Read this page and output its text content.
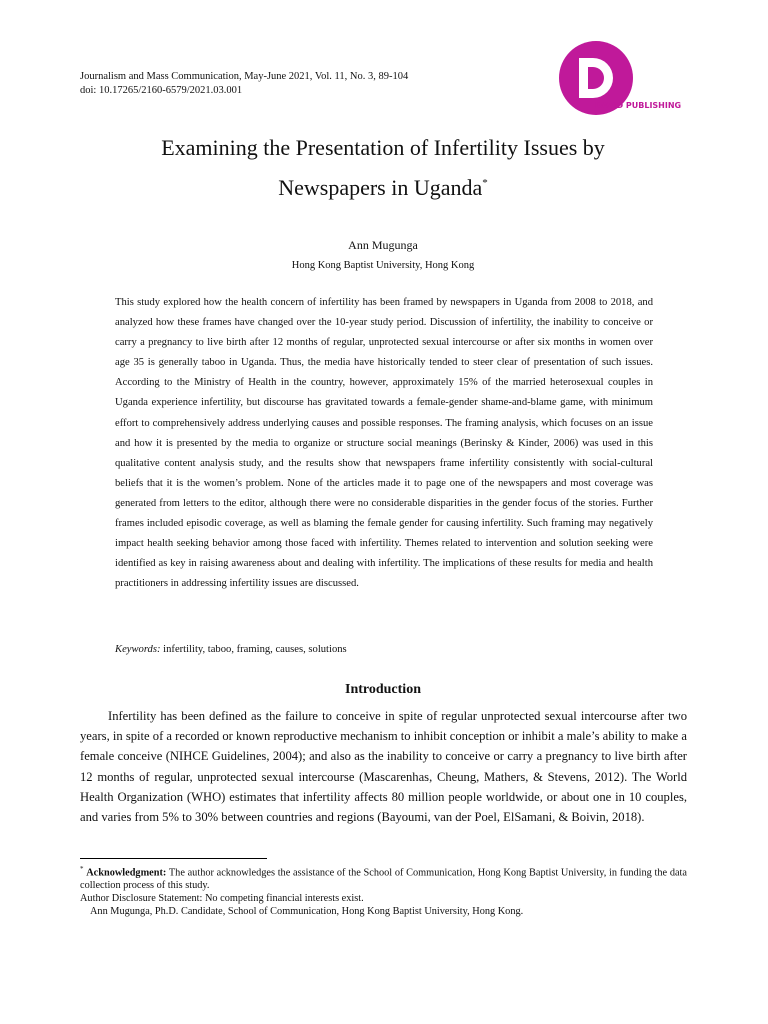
Journalism and Mass Communication, May-June 2021, Vol. 11, No. 3, 89-104
doi: 10.17265/2160-6579/2021.03.001
DAVID PUBLISHING
Examining the Presentation of Infertility Issues by
Newspapers in Uganda*
Ann Mugunga
Hong Kong Baptist University, Hong Kong

This study explored how the health concern of infertility has been framed by newspapers in Uganda from 2008 to 2018, and analyzed how these frames have changed over the 10-year study period. Discussion of infertility, the inability to conceive or carry a pregnancy to live birth after 12 months of regular, unprotected sexual intercourse or after six months in women over age 35 is generally taboo in Uganda. Thus, the media have historically tended to steer clear of presentation of such issues. According to the Ministry of Health in the country, however, approximately 15% of the married heterosexual couples in Uganda experience infertility, but discourse has gravitated towards a female-gender shame-and-blame game, with minimum effort to comprehensively address underlying causes and possible responses. The framing analysis, which focuses on an issue and how it is presented by the media to organize or structure social meanings (Berinsky & Kinder, 2006) was used in this qualitative content analysis study, and the results show that newspapers frame infertility consistently with social-cultural beliefs that it is the women’s problem. None of the articles made it to page one of the newspapers and most coverage was generated from letters to the editor, although there were no considerable disparities in the gender focus of the stories. Further frames included episodic coverage, as well as blaming the female gender for causing infertility. Such framing may negatively impact health seeking behavior among those faced with infertility. Themes related to intervention and solution seeking were identified as key in raising awareness about and dealing with infertility. The implications of these results for media and health practitioners in addressing infertility issues are discussed.

Keywords: infertility, taboo, framing, causes, solutions
Introduction

Infertility has been defined as the failure to conceive in spite of regular unprotected sexual intercourse after two years, in spite of a recorded or known reproductive mechanism to inhibit conception or inhibit a male’s ability to make a female conceive (NIHCE Guidelines, 2004); and also as the inability to conceive or carry a pregnancy to live birth after 12 months of regular, unprotected sexual intercourse (Mascarenhas, Cheung, Mathers, & Stevens, 2012). The World Health Organization (WHO) estimates that infertility affects 80 million people worldwide, or about one in 10 couples, and varies from 5% to 30% between countries and regions (Bayoumi, van der Poel, ElSamani, & Boivin, 2018).

* Acknowledgment: The author acknowledges the assistance of the School of Communication, Hong Kong Baptist University, in funding the data collection process of this study.

Author Disclosure Statement: No competing financial interests exist.

Ann Mugunga, Ph.D. Candidate, School of Communication, Hong Kong Baptist University, Hong Kong.
